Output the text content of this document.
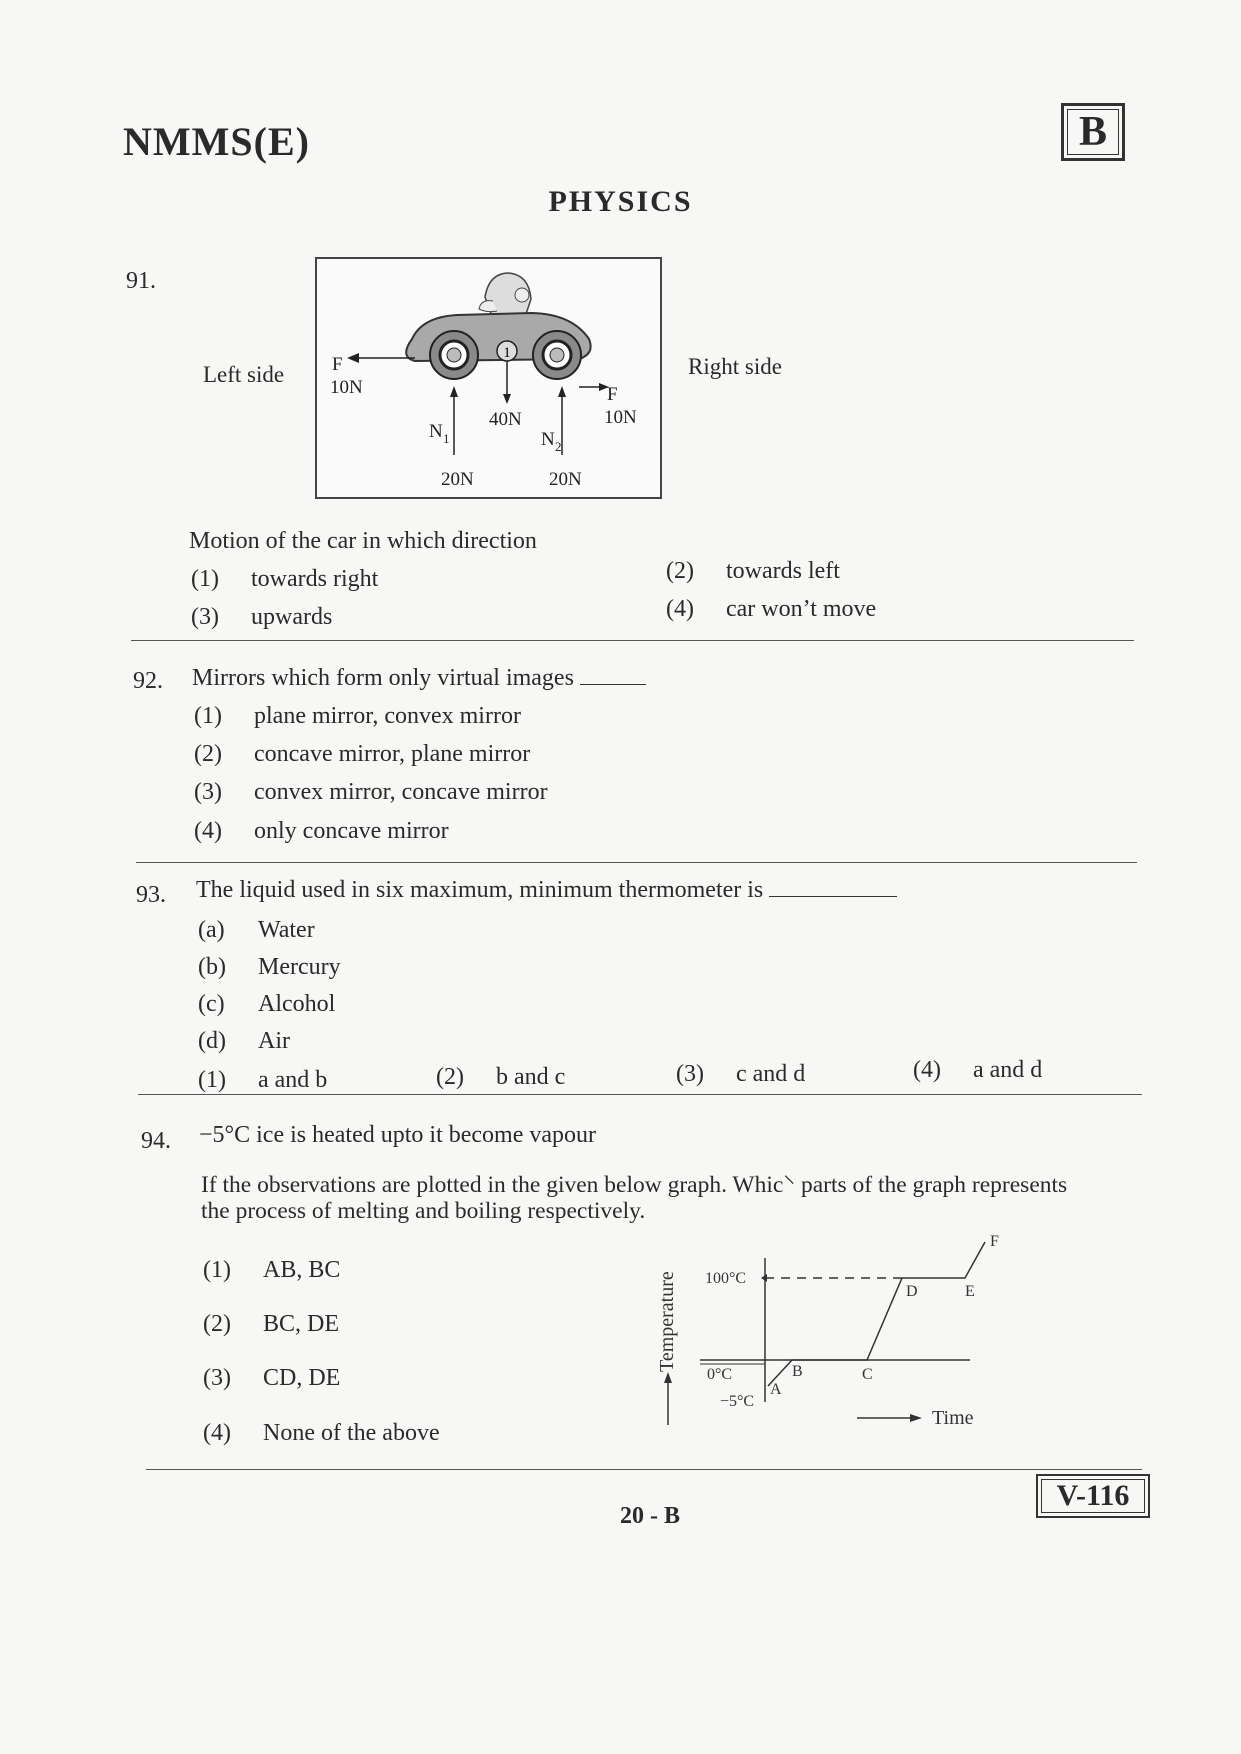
NMMS(E)	B
PHYSICS
91.
Left side	Right side
1
F
10N	F
10N
40N
N 1	N 2
20N	20N
Motion of the car in which direction
(1) towards right	(2) towards left
(3) upwards	(4) car won’t move
92. Mirrors which form only virtual images
(1) plane mirror, convex mirror
(2) concave mirror, plane mirror
(3) convex mirror, concave mirror
(4) only concave mirror
93. The liquid used in six maximum, minimum thermometer is
(a) Water
(b) Mercury
(c) Alcohol
(d) Air
(1) a and b	(2) b and c	(3) c and d	(4) a and d
94. −5°C ice is heated upto it become vapour
If the observations are plotted in the given below graph. Whic⸌ parts of the graph represents
the process of melting and boiling respectively.
(1) AB, BC
(2) BC, DE
(3) CD, DE
(4) None of the above
Temperature
Time
100°C
0°C
−5°C
A
B	C
D	E
F
V-116
20 - B
